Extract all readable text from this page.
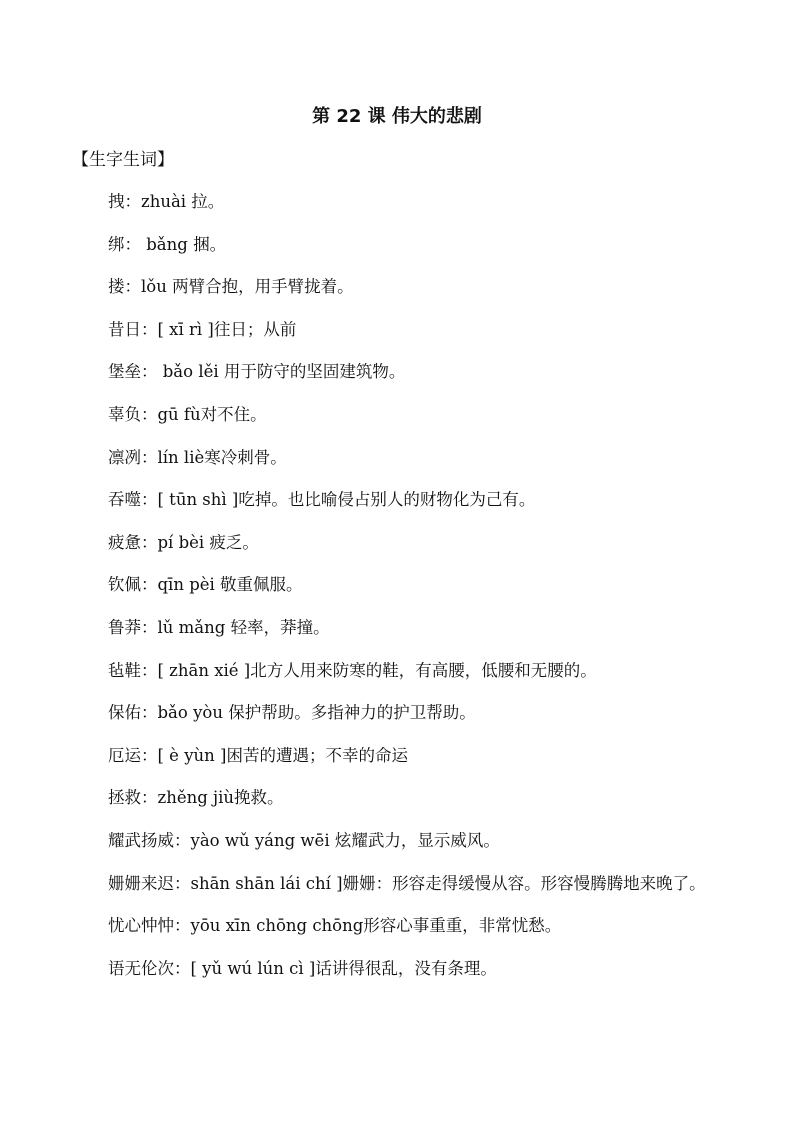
第 22 课 伟大的悲剧
【生字生词】

拽：zhuài 拉。

绑： bǎng 捆。

搂：lǒu 两臂合抱，用手臂拢着。

昔日：[ xī rì ]往日；从前

堡垒： bǎo lěi 用于防守的坚固建筑物。

辜负：gū fù对不住。

凛冽：lín liè寒冷刺骨。

吞噬：[ tūn shì ]吃掉。也比喻侵占别人的财物化为己有。

疲惫：pí bèi 疲乏。

钦佩：qīn pèi 敬重佩服。

鲁莽：lǔ mǎng 轻率，莽撞。

毡鞋：[ zhān xié ]北方人用来防寒的鞋，有高腰，低腰和无腰的。

保佑：bǎo yòu 保护帮助。多指神力的护卫帮助。

厄运：[ è yùn ]困苦的遭遇；不幸的命运

拯救：zhěng jiù挽救。

耀武扬威：yào wǔ yáng wēi 炫耀武力，显示威风。

姗姗来迟：shān shān lái chí ]姗姗：形容走得缓慢从容。形容慢腾腾地来晚了。

忧心忡忡：yōu xīn chōng chōng形容心事重重，非常忧愁。

语无伦次：[ yǔ wú lún cì ]话讲得很乱，没有条理。
